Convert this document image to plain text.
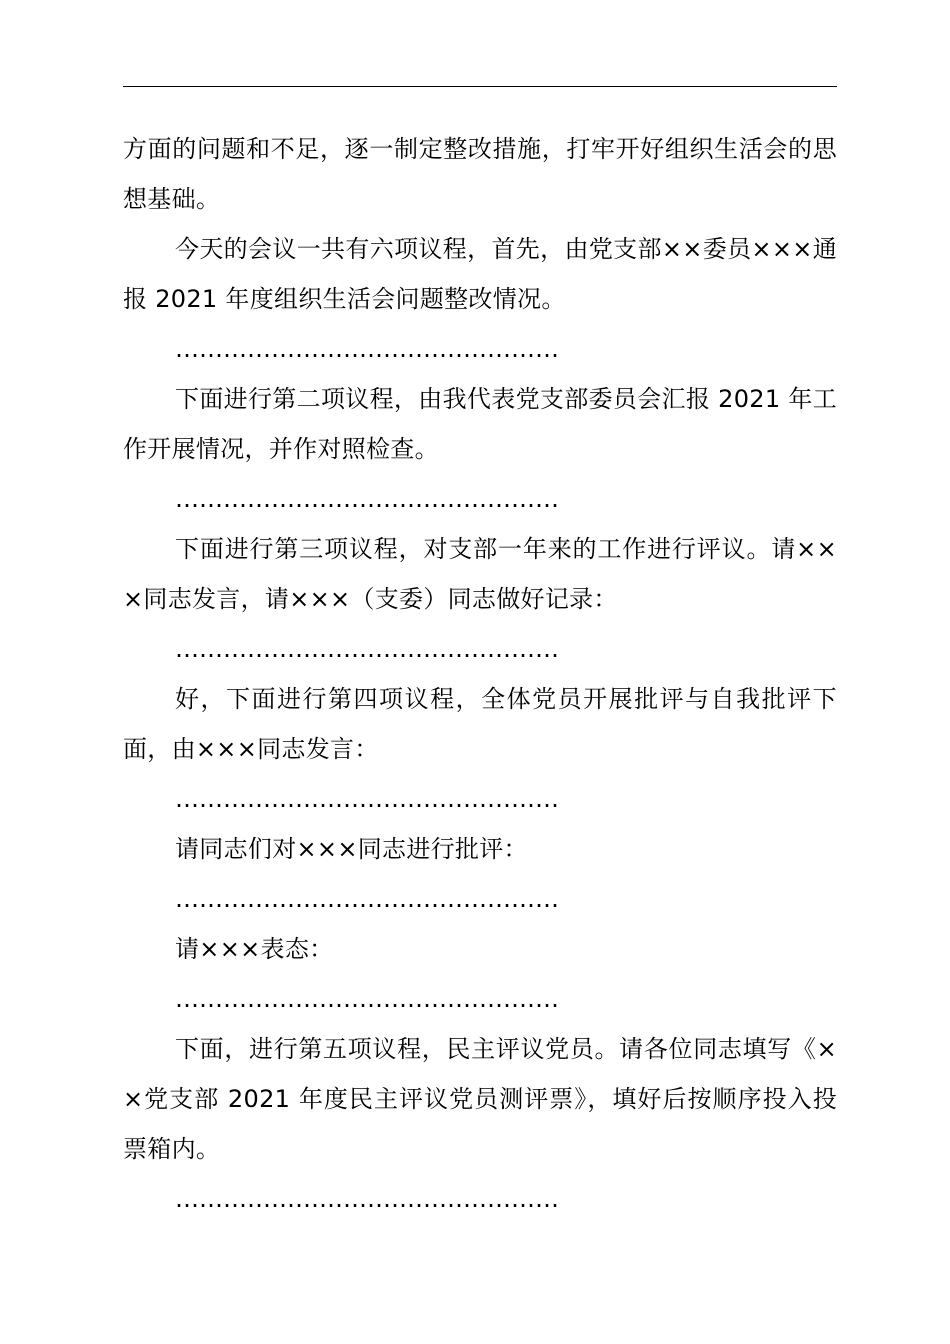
方面的问题和不足，逐一制定整改措施，打牢开好组织生活会的思想基础。

今天的会议一共有六项议程，首先，由党支部××委员×××通报 2021 年度组织生活会问题整改情况。

…………………………………………

下面进行第二项议程，由我代表党支部委员会汇报 2021 年工作开展情况，并作对照检查。

…………………………………………

下面进行第三项议程，对支部一年来的工作进行评议。请×××同志发言，请×××（支委）同志做好记录：

…………………………………………

好，下面进行第四项议程，全体党员开展批评与自我批评下面，由×××同志发言：

…………………………………………

请同志们对×××同志进行批评：

…………………………………………

请×××表态：

…………………………………………

下面，进行第五项议程，民主评议党员。请各位同志填写《××党支部 2021 年度民主评议党员测评票》，填好后按顺序投入投票箱内。

…………………………………………
